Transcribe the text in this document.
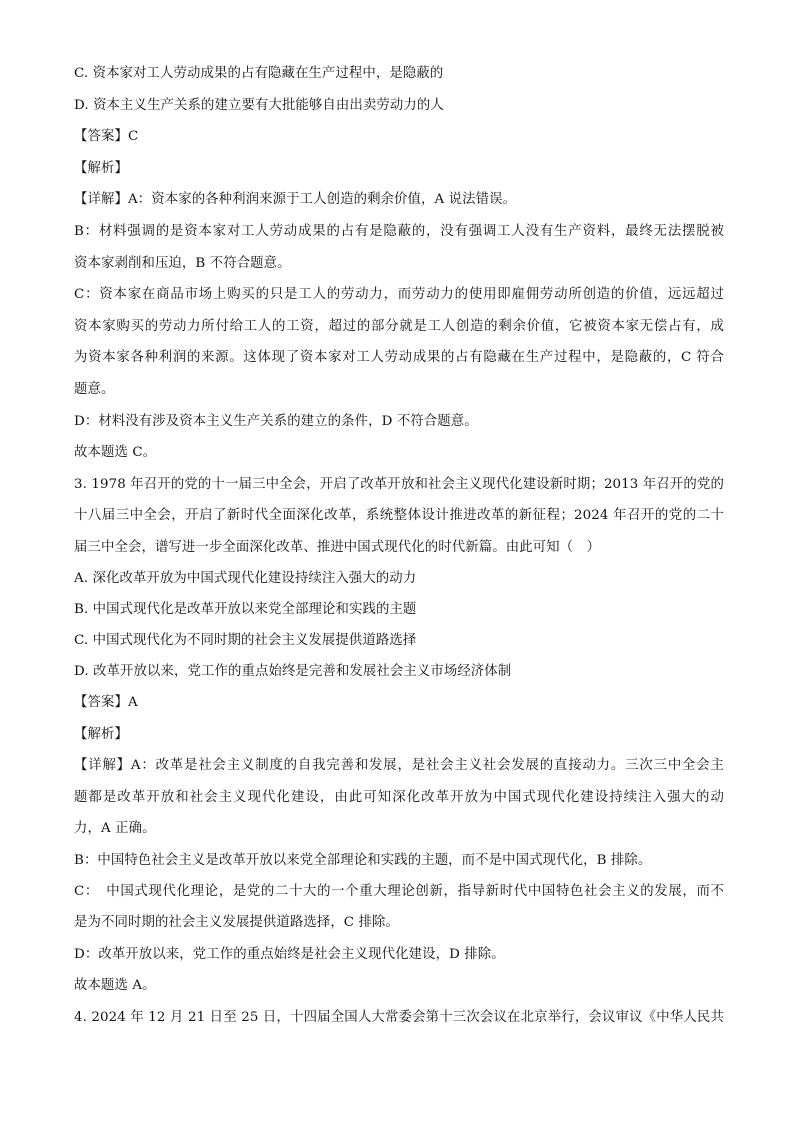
C. 资本家对工人劳动成果的占有隐藏在生产过程中，是隐蔽的
D. 资本主义生产关系的建立要有大批能够自由出卖劳动力的人
【答案】C
【解析】
【详解】A：资本家的各种利润来源于工人创造的剩余价值，A 说法错误。
B：材料强调的是资本家对工人劳动成果的占有是隐蔽的，没有强调工人没有生产资料，最终无法摆脱被
资本家剥削和压迫，B 不符合题意。
C：资本家在商品市场上购买的只是工人的劳动力，而劳动力的使用即雇佣劳动所创造的价值，远远超过
资本家购买的劳动力所付给工人的工资，超过的部分就是工人创造的剩余价值，它被资本家无偿占有，成
为资本家各种利润的来源。这体现了资本家对工人劳动成果的占有隐藏在生产过程中，是隐蔽的，C 符合
题意。
D：材料没有涉及资本主义生产关系的建立的条件，D 不符合题意。
故本题选 C。
3. 1978 年召开的党的十一届三中全会，开启了改革开放和社会主义现代化建设新时期；2013 年召开的党的
十八届三中全会，开启了新时代全面深化改革，系统整体设计推进改革的新征程；2024 年召开的党的二十
届三中全会，谱写进一步全面深化改革、推进中国式现代化的时代新篇。由此可知（　）
A. 深化改革开放为中国式现代化建设持续注入强大的动力
B. 中国式现代化是改革开放以来党全部理论和实践的主题
C. 中国式现代化为不同时期的社会主义发展提供道路选择
D. 改革开放以来，党工作的重点始终是完善和发展社会主义市场经济体制
【答案】A
【解析】
【详解】A：改革是社会主义制度的自我完善和发展，是社会主义社会发展的直接动力。三次三中全会主
题都是改革开放和社会主义现代化建设，由此可知深化改革开放为中国式现代化建设持续注入强大的动
力，A 正确。
B：中国特色社会主义是改革开放以来党全部理论和实践的主题，而不是中国式现代化，B 排除。
C：　中国式现代化理论，是党的二十大的一个重大理论创新，指导新时代中国特色社会主义的发展，而不
是为不同时期的社会主义发展提供道路选择，C 排除。
D：改革开放以来，党工作的重点始终是社会主义现代化建设，D 排除。
故本题选 A。
4. 2024 年 12 月 21 日至 25 日，十四届全国人大常委会第十三次会议在北京举行，会议审议《中华人民共
